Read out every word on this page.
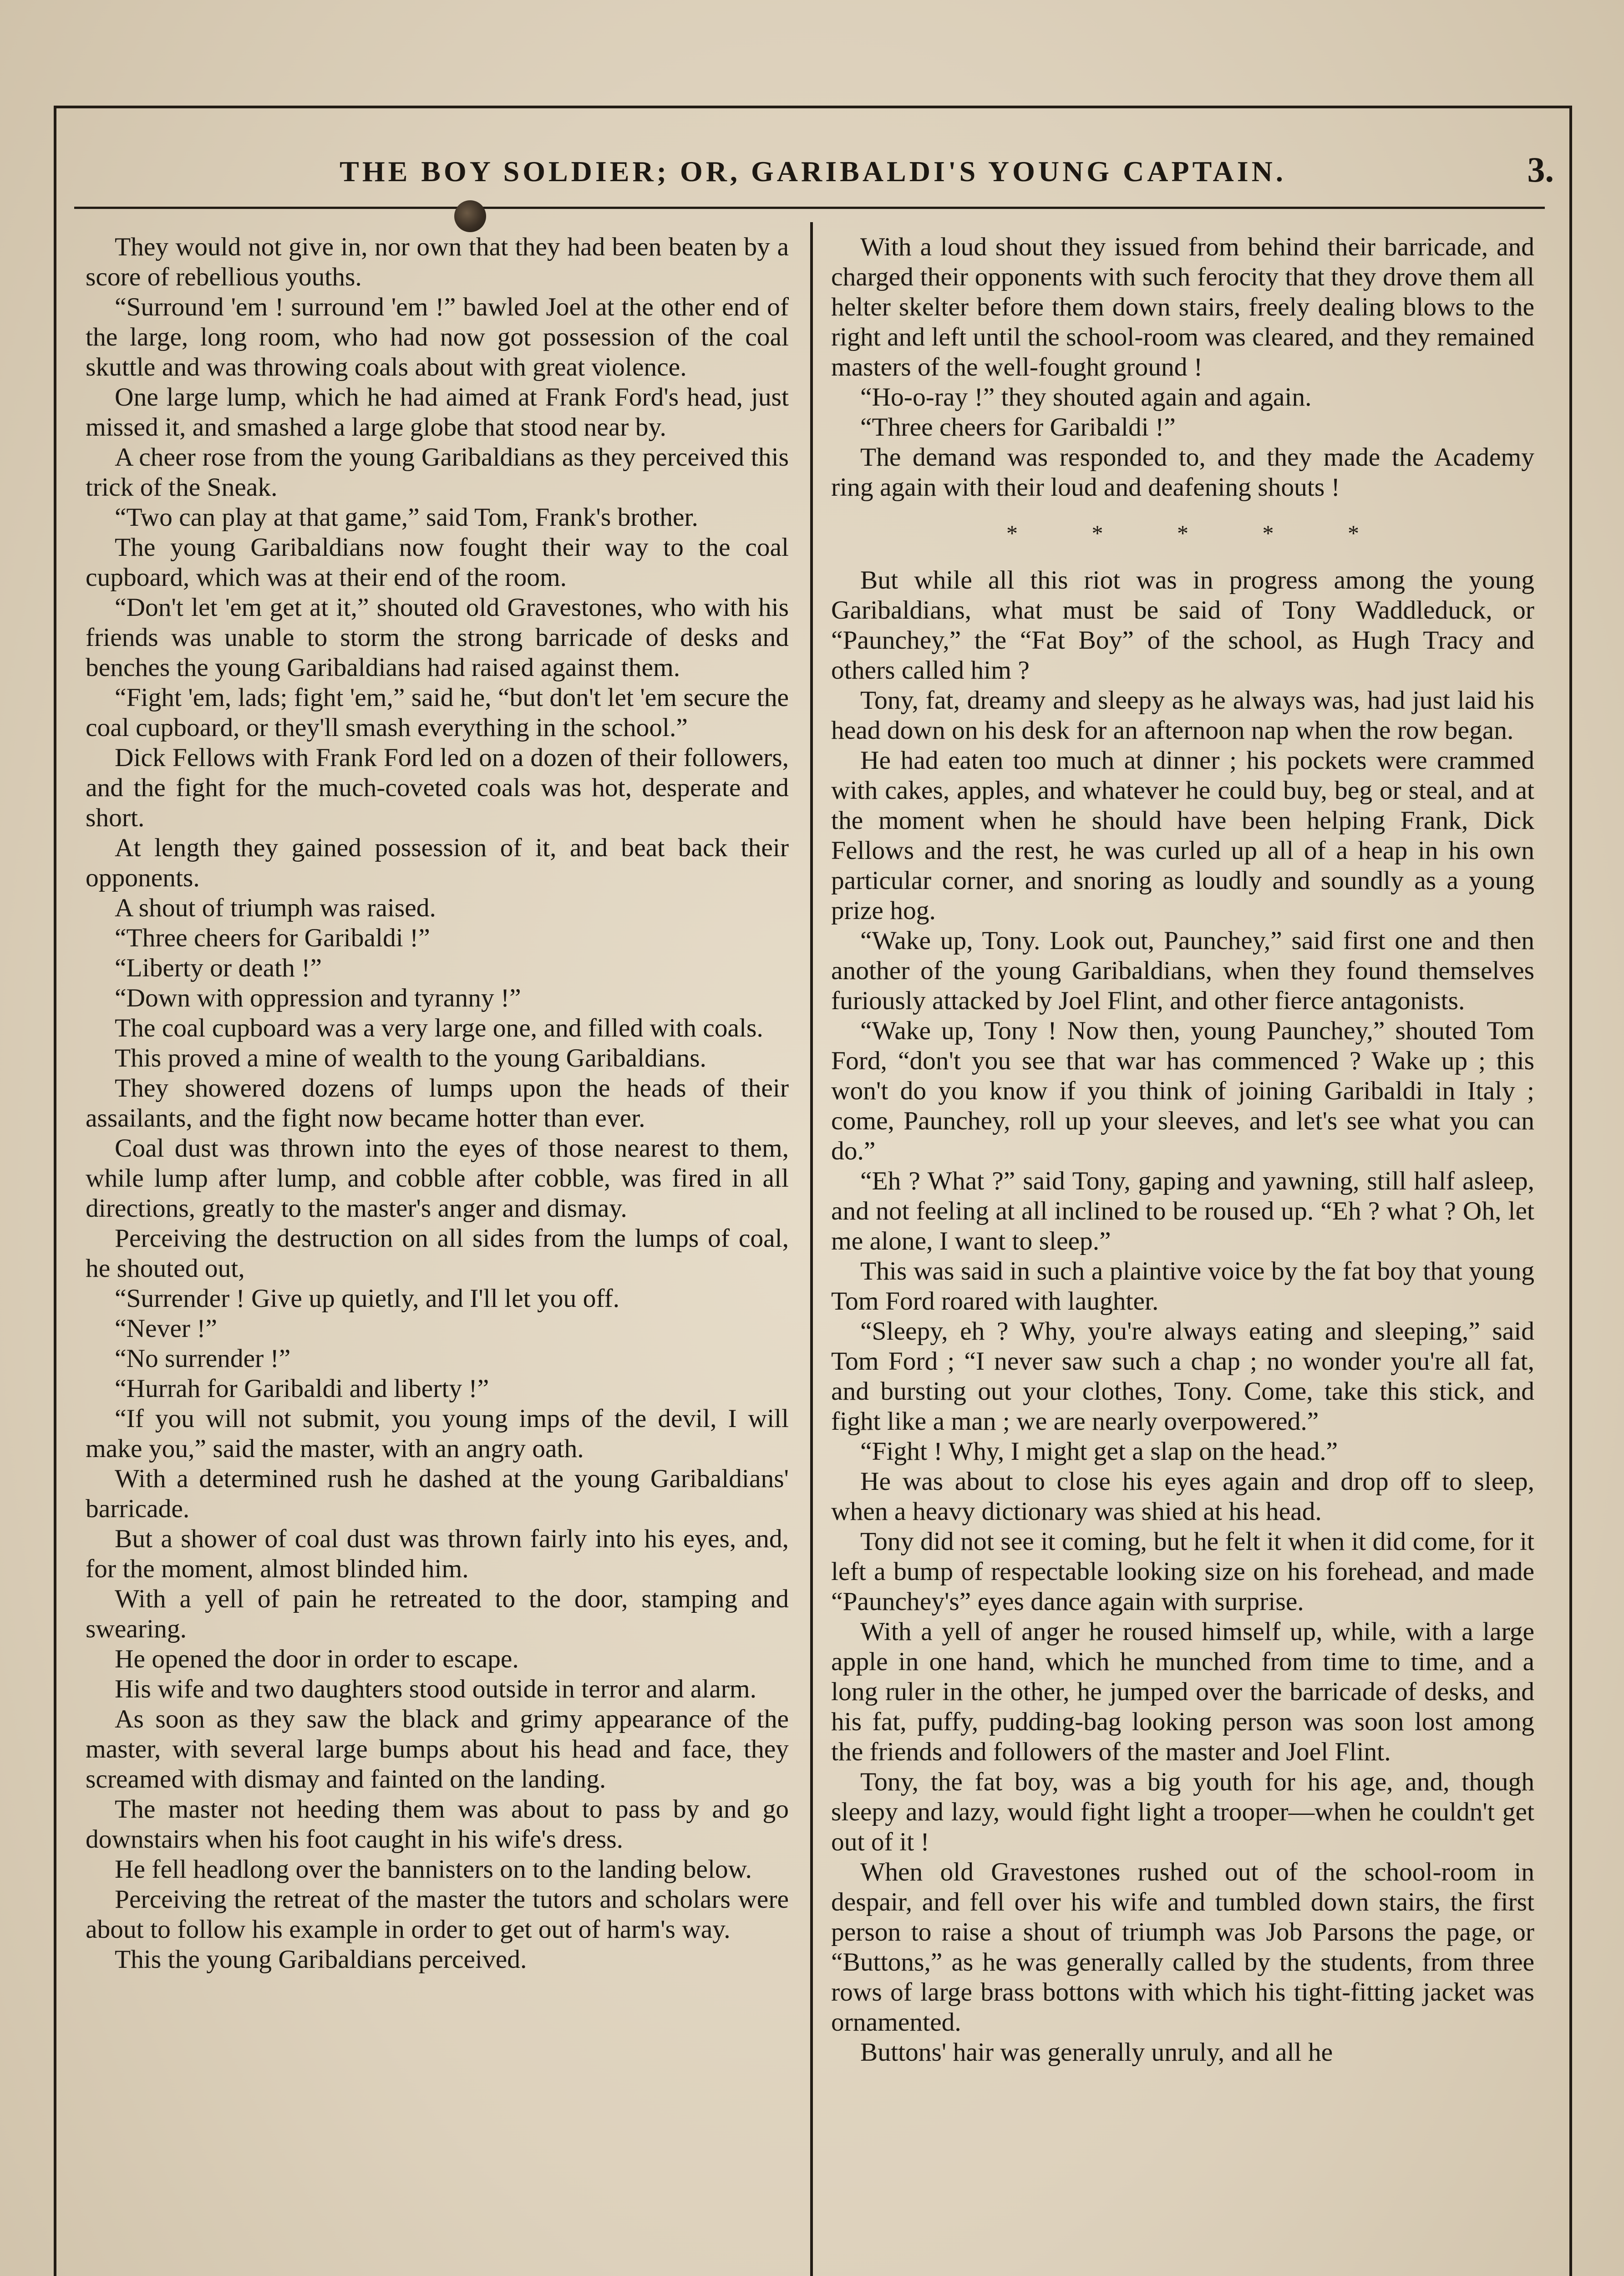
THE BOY SOLDIER; OR, GARIBALDI'S YOUNG CAPTAIN.	3.

They would not give in, nor own that they had been beaten by a score of rebellious youths.

“Surround 'em ! surround 'em !” bawled Joel at the other end of the large, long room, who had now got possession of the coal skuttle and was throwing coals about with great violence.

One large lump, which he had aimed at Frank Ford's head, just missed it, and smashed a large globe that stood near by.

A cheer rose from the young Garibaldians as they perceived this trick of the Sneak.

“Two can play at that game,” said Tom, Frank's brother.

The young Garibaldians now fought their way to the coal cupboard, which was at their end of the room.

“Don't let 'em get at it,” shouted old Gravestones, who with his friends was unable to storm the strong barricade of desks and benches the young Garibaldians had raised against them.

“Fight 'em, lads; fight 'em,” said he, “but don't let 'em secure the coal cupboard, or they'll smash everything in the school.”

Dick Fellows with Frank Ford led on a dozen of their followers, and the fight for the much-coveted coals was hot, desperate and short.

At length they gained possession of it, and beat back their opponents.

A shout of triumph was raised.

“Three cheers for Garibaldi !”

“Liberty or death !”

“Down with oppression and tyranny !”

The coal cupboard was a very large one, and filled with coals.

This proved a mine of wealth to the young Garibaldians.

They showered dozens of lumps upon the heads of their assailants, and the fight now became hotter than ever.

Coal dust was thrown into the eyes of those nearest to them, while lump after lump, and cobble after cobble, was fired in all directions, greatly to the master's anger and dismay.

Perceiving the destruction on all sides from the lumps of coal, he shouted out,

“Surrender ! Give up quietly, and I'll let you off.

“Never !”

“No surrender !”

“Hurrah for Garibaldi and liberty !”

“If you will not submit, you young imps of the devil, I will make you,” said the master, with an angry oath.

With a determined rush he dashed at the young Garibaldians' barricade.

But a shower of coal dust was thrown fairly into his eyes, and, for the moment, almost blinded him.

With a yell of pain he retreated to the door, stamping and swearing.

He opened the door in order to escape.

His wife and two daughters stood outside in terror and alarm.

As soon as they saw the black and grimy appearance of the master, with several large bumps about his head and face, they screamed with dismay and fainted on the landing.

The master not heeding them was about to pass by and go downstairs when his foot caught in his wife's dress.

He fell headlong over the bannisters on to the landing below.

Perceiving the retreat of the master the tutors and scholars were about to follow his example in order to get out of harm's way.

This the young Garibaldians perceived.

With a loud shout they issued from behind their barricade, and charged their opponents with such ferocity that they drove them all helter skelter before them down stairs, freely dealing blows to the right and left until the school-room was cleared, and they remained masters of the well-fought ground !

“Ho-o-ray !” they shouted again and again.

“Three cheers for Garibaldi !”

The demand was responded to, and they made the Academy ring again with their loud and deafening shouts !

* * * * *

But while all this riot was in progress among the young Garibaldians, what must be said of Tony Waddleduck, or “Paunchey,” the “Fat Boy” of the school, as Hugh Tracy and others called him ?

Tony, fat, dreamy and sleepy as he always was, had just laid his head down on his desk for an afternoon nap when the row began.

He had eaten too much at dinner ; his pockets were crammed with cakes, apples, and whatever he could buy, beg or steal, and at the moment when he should have been helping Frank, Dick Fellows and the rest, he was curled up all of a heap in his own particular corner, and snoring as loudly and soundly as a young prize hog.

“Wake up, Tony. Look out, Paunchey,” said first one and then another of the young Garibaldians, when they found themselves furiously attacked by Joel Flint, and other fierce antagonists.

“Wake up, Tony ! Now then, young Paunchey,” shouted Tom Ford, “don't you see that war has commenced ? Wake up ; this won't do you know if you think of joining Garibaldi in Italy ; come, Paunchey, roll up your sleeves, and let's see what you can do.”

“Eh ? What ?” said Tony, gaping and yawning, still half asleep, and not feeling at all inclined to be roused up. “Eh ? what ? Oh, let me alone, I want to sleep.”

This was said in such a plaintive voice by the fat boy that young Tom Ford roared with laughter.

“Sleepy, eh ? Why, you're always eating and sleeping,” said Tom Ford ; “I never saw such a chap ; no wonder you're all fat, and bursting out your clothes, Tony. Come, take this stick, and fight like a man ; we are nearly overpowered.”

“Fight ! Why, I might get a slap on the head.”

He was about to close his eyes again and drop off to sleep, when a heavy dictionary was shied at his head.

Tony did not see it coming, but he felt it when it did come, for it left a bump of respectable looking size on his forehead, and made “Paunchey's” eyes dance again with surprise.

With a yell of anger he roused himself up, while, with a large apple in one hand, which he munched from time to time, and a long ruler in the other, he jumped over the barricade of desks, and his fat, puffy, pudding-bag looking person was soon lost among the friends and followers of the master and Joel Flint.

Tony, the fat boy, was a big youth for his age, and, though sleepy and lazy, would fight light a trooper—when he couldn't get out of it !

When old Gravestones rushed out of the school-room in despair, and fell over his wife and tumbled down stairs, the first person to raise a shout of triumph was Job Parsons the page, or “Buttons,” as he was generally called by the students, from three rows of large brass bottons with which his tight-fitting jacket was ornamented.

Buttons' hair was generally unruly, and all he
